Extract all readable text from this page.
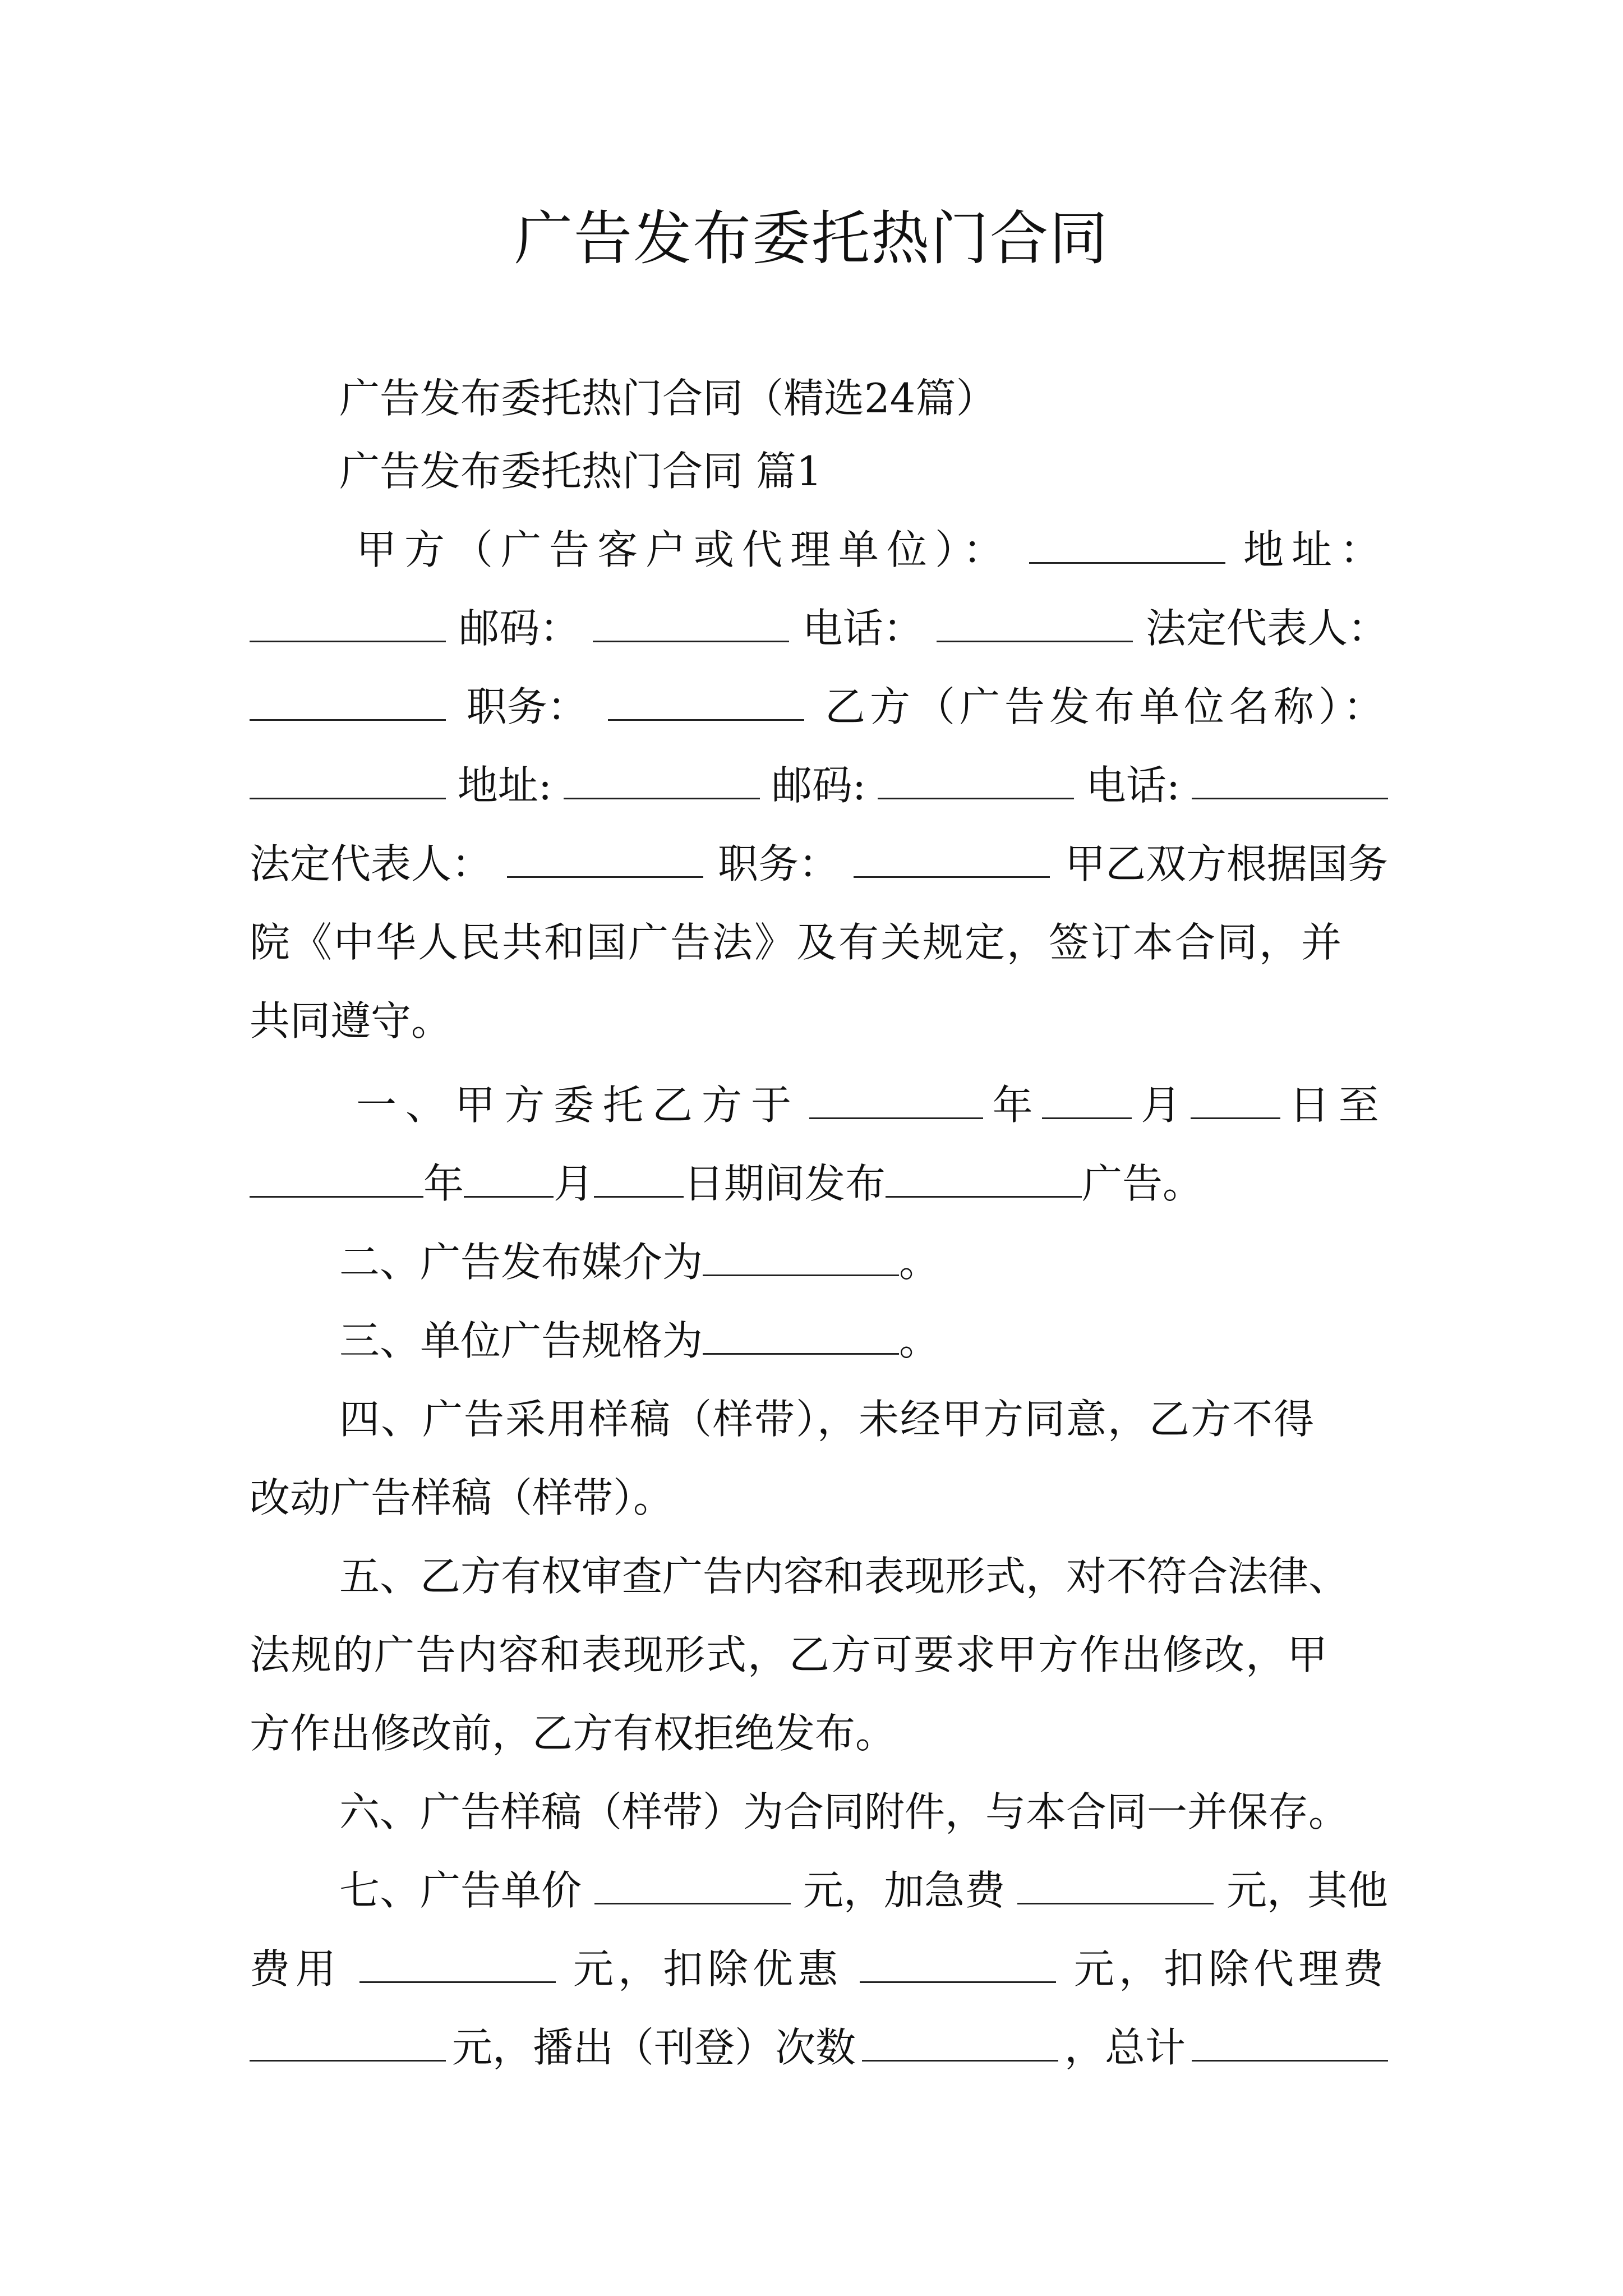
广告发布委托热门合同

广告发布委托热门合同（精选24篇）

广告发布委托热门合同 篇1

甲方（广告客户或代理单位）：	地址：
邮码：	电话：	法定代表人：
职务：	乙方（广告发布单位名称）：
地址:	邮码:	电话:
法定代表人：	职务：	甲乙双方根据国务

院《中华人民共和国广告法》及有关规定，签订本合同，并

共同遵守。

一、甲方委托乙方于	年	月	日至
年 月 日期间发布	广告。
二、广告发布媒介为	。
三、单位广告规格为	。

四、广告采用样稿（样带），未经甲方同意，乙方不得

改动广告样稿（样带）。

五、乙方有权审查广告内容和表现形式，对不符合法律、

法规的广告内容和表现形式，乙方可要求甲方作出修改，甲

方作出修改前，乙方有权拒绝发布。

六、广告样稿（样带）为合同附件，与本合同一并保存。

七、广告单价	元，加急费	元，其他
费用	元，扣除优惠	元，扣除代理费
元，播出（刊登）次数	，总计
